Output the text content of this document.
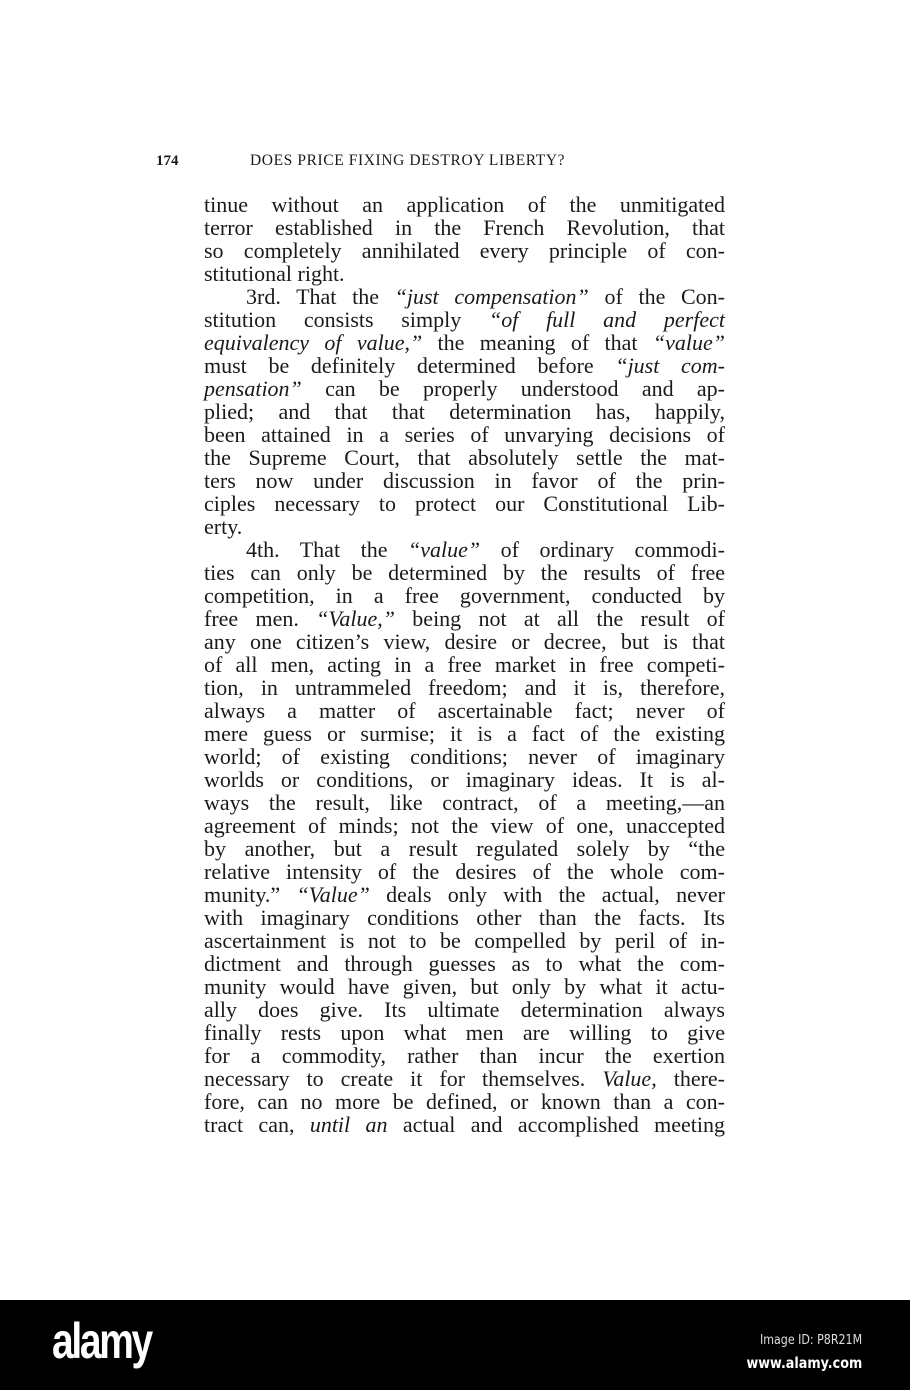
174	DOES PRICE FIXING DESTROY LIBERTY?
tinue without an application of the unmitigated
terror established in the French Revolution, that
so completely annihilated every principle of con-
stitutional right.
3rd. That the “just compensation” of the Con-
stitution consists simply “of full and perfect
equivalency of value,” the meaning of that “value”
must be definitely determined before “just com-
pensation” can be properly understood and ap-
plied; and that that determination has, happily,
been attained in a series of unvarying decisions of
the Supreme Court, that absolutely settle the mat-
ters now under discussion in favor of the prin-
ciples necessary to protect our Constitutional Lib-
erty.
4th. That the “value” of ordinary commodi-
ties can only be determined by the results of free
competition, in a free government, conducted by
free men. “Value,” being not at all the result of
any one citizen’s view, desire or decree, but is that
of all men, acting in a free market in free competi-
tion, in untrammeled freedom; and it is, therefore,
always a matter of ascertainable fact; never of
mere guess or surmise; it is a fact of the existing
world; of existing conditions; never of imaginary
worlds or conditions, or imaginary ideas. It is al-
ways the result, like contract, of a meeting,—an
agreement of minds; not the view of one, unaccepted
by another, but a result regulated solely by “the
relative intensity of the desires of the whole com-
munity.” “Value” deals only with the actual, never
with imaginary conditions other than the facts. Its
ascertainment is not to be compelled by peril of in-
dictment and through guesses as to what the com-
munity would have given, but only by what it actu-
ally does give. Its ultimate determination always
finally rests upon what men are willing to give
for a commodity, rather than incur the exertion
necessary to create it for themselves. Value, there-
fore, can no more be defined, or known than a con-
tract can, until an actual and accomplished meeting
alamy	Image ID: P8R21M
www.alamy.com
